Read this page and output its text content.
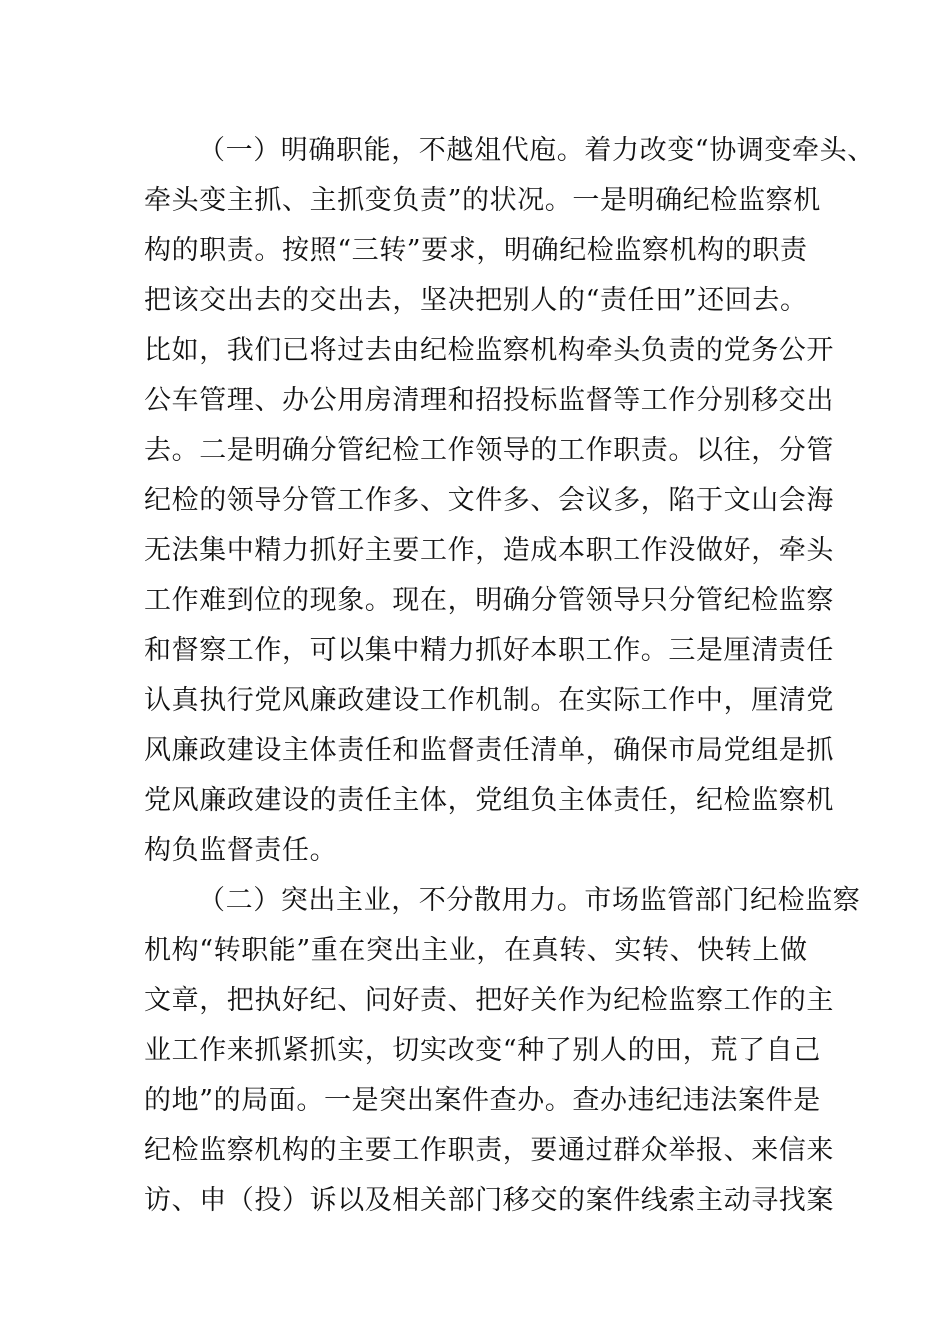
（一）明确职能，不越俎代庖。着力改变“协调变牵头、
牵头变主抓、主抓变负责”的状况。一是明确纪检监察机
构的职责。按照“三转”要求，明确纪检监察机构的职责
把该交出去的交出去，坚决把别人的“责任田”还回去。
比如，我们已将过去由纪检监察机构牵头负责的党务公开
公车管理、办公用房清理和招投标监督等工作分别移交出
去。二是明确分管纪检工作领导的工作职责。以往，分管
纪检的领导分管工作多、文件多、会议多，陷于文山会海
无法集中精力抓好主要工作，造成本职工作没做好，牵头
工作难到位的现象。现在，明确分管领导只分管纪检监察
和督察工作，可以集中精力抓好本职工作。三是厘清责任
认真执行党风廉政建设工作机制。在实际工作中，厘清党
风廉政建设主体责任和监督责任清单，确保市局党组是抓
党风廉政建设的责任主体，党组负主体责任，纪检监察机
构负监督责任。
（二）突出主业，不分散用力。市场监管部门纪检监察
机构“转职能”重在突出主业，在真转、实转、快转上做
文章，把执好纪、问好责、把好关作为纪检监察工作的主
业工作来抓紧抓实，切实改变“种了别人的田，荒了自己
的地”的局面。一是突出案件查办。查办违纪违法案件是
纪检监察机构的主要工作职责，要通过群众举报、来信来
访、申（投）诉以及相关部门移交的案件线索主动寻找案
